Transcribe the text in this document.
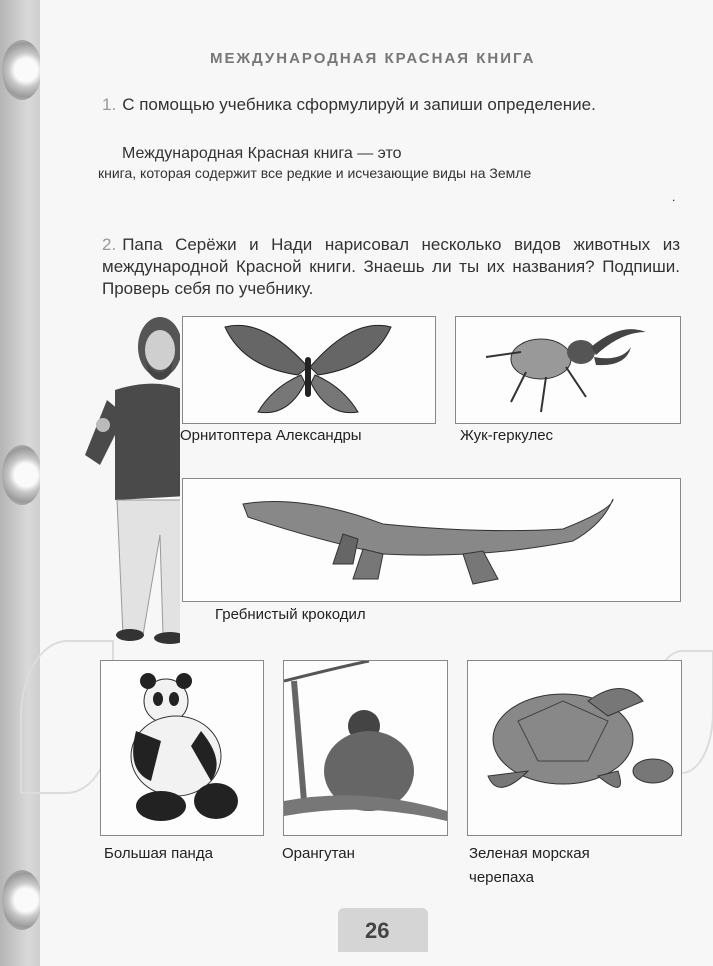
МЕЖДУНАРОДНАЯ КРАСНАЯ КНИГА
1. С помощью учебника сформулируй и запиши определение.
Международная Красная книга — это
книга, которая содержит все редкие и исчезающие виды на Земле
.
2. Папа Серёжи и Нади нарисовал несколько видов животных из международной Красной книги. Знаешь ли ты их названия? Подпиши. Проверь себя по учебнику.
Орнитоптера Александры	Жук-геркулес
Гребнистый крокодил
Большая панда	Орангутан	Зеленая морская
черепаха
26
